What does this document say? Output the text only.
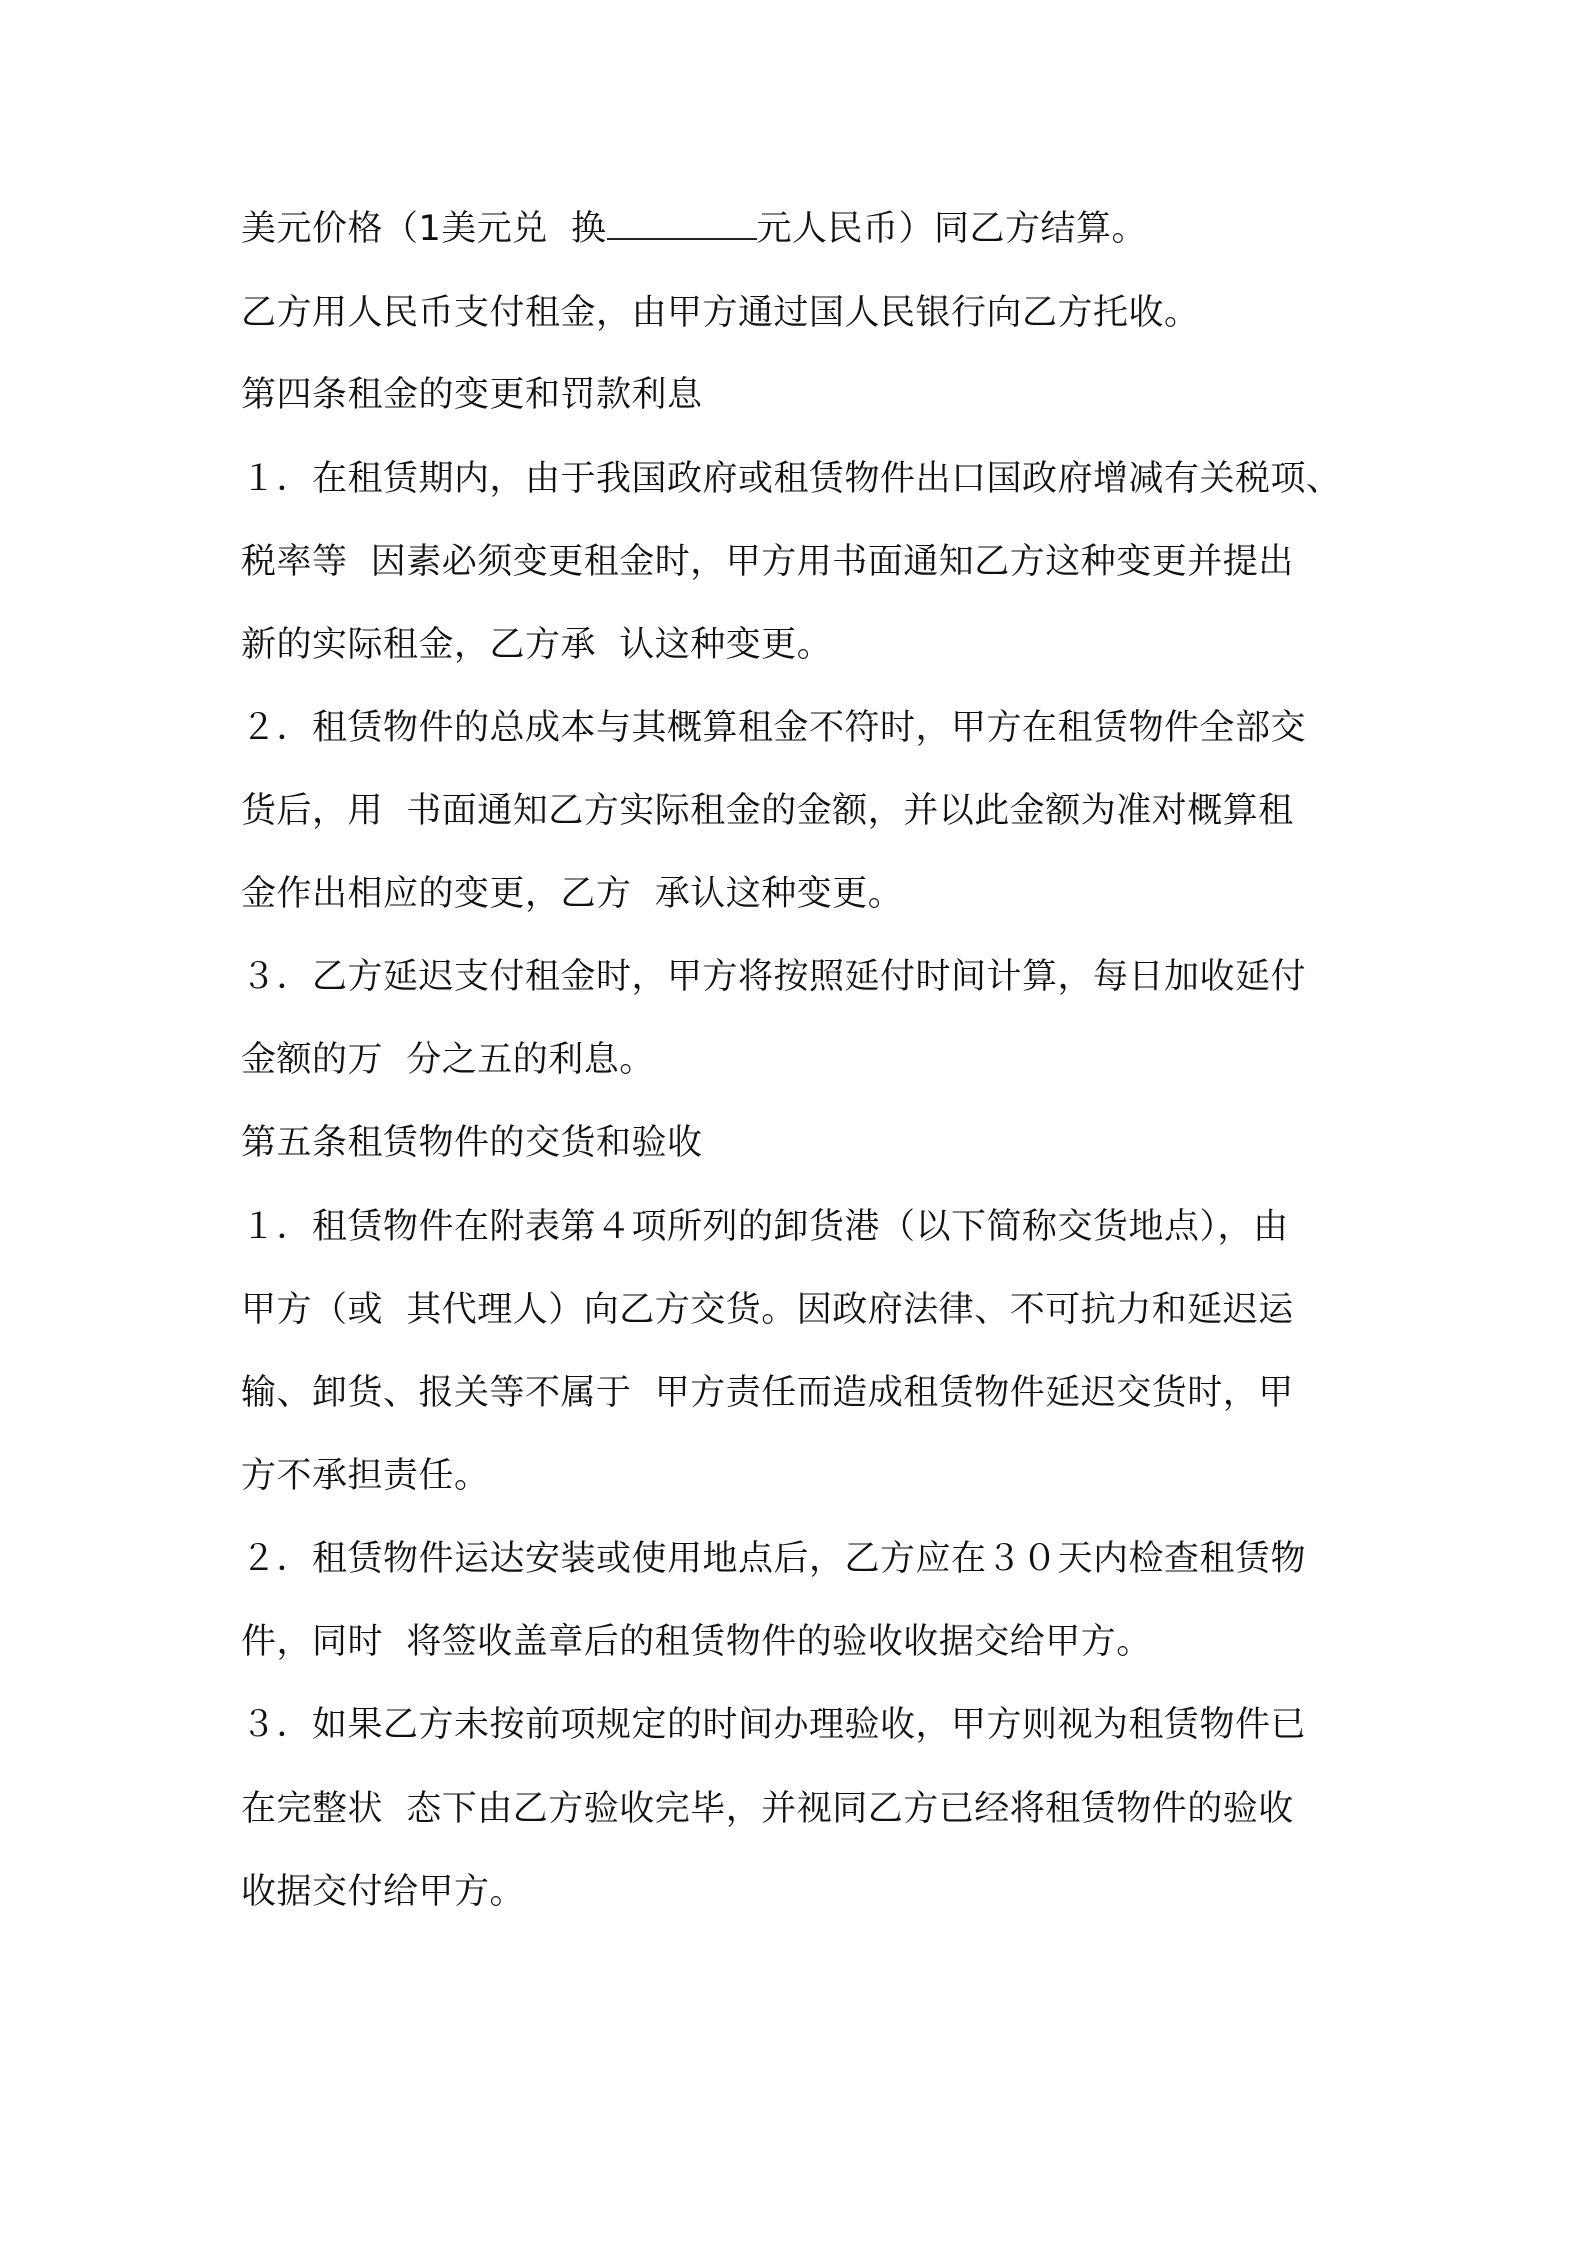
美元价格（1美元兑  换	元人民币）同乙方结算。
乙方用人民币支付租金，由甲方通过国人民银行向乙方托收。
第四条租金的变更和罚款利息
１．在租赁期内，由于我国政府或租赁物件出口国政府增减有关税项、
税率等  因素必须变更租金时，甲方用书面通知乙方这种变更并提出
新的实际租金，乙方承  认这种变更。
２．租赁物件的总成本与其概算租金不符时，甲方在租赁物件全部交
货后，用  书面通知乙方实际租金的金额，并以此金额为准对概算租
金作出相应的变更，乙方  承认这种变更。
３．乙方延迟支付租金时，甲方将按照延付时间计算，每日加收延付
金额的万  分之五的利息。
第五条租赁物件的交货和验收
１．租赁物件在附表第４项所列的卸货港（以下简称交货地点），由
甲方（或  其代理人）向乙方交货。因政府法律、不可抗力和延迟运
输、卸货、报关等不属于  甲方责任而造成租赁物件延迟交货时，甲
方不承担责任。
２．租赁物件运达安装或使用地点后，乙方应在３０天内检查租赁物
件，同时  将签收盖章后的租赁物件的验收收据交给甲方。
３．如果乙方未按前项规定的时间办理验收，甲方则视为租赁物件已
在完整状  态下由乙方验收完毕，并视同乙方已经将租赁物件的验收
收据交付给甲方。
